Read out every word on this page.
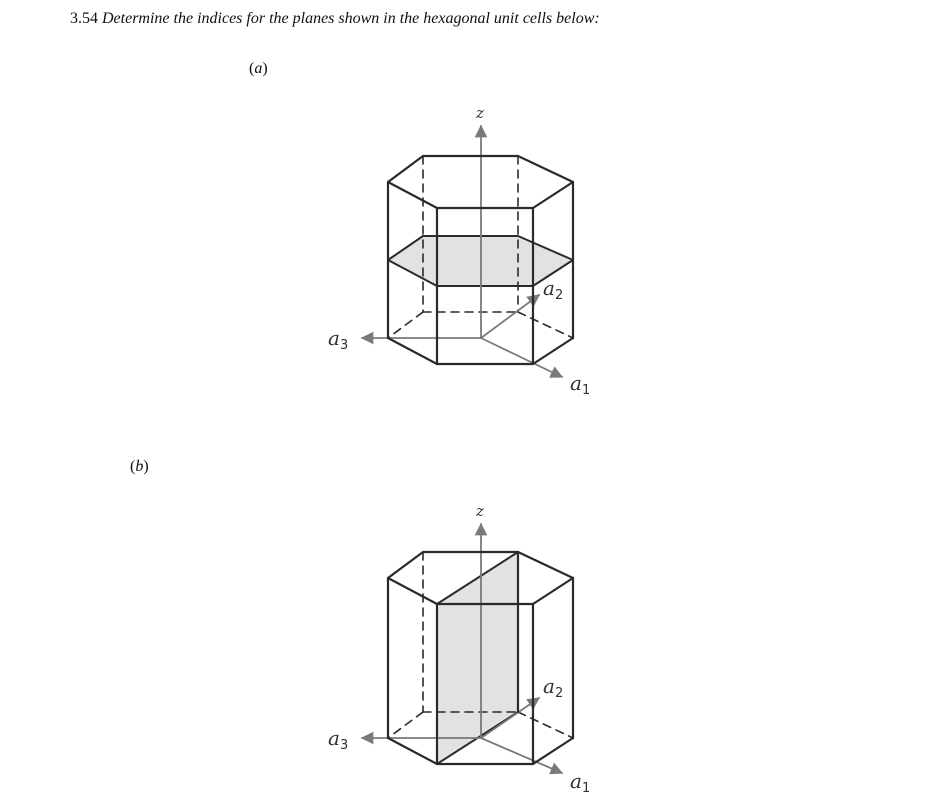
3.54 Determine the indices for the planes shown in the hexagonal unit cells below:
(a)
(b)
z
$a_1$
$a_2$
$a_3$
z
$a_1$
$a_2$
$a_3$
